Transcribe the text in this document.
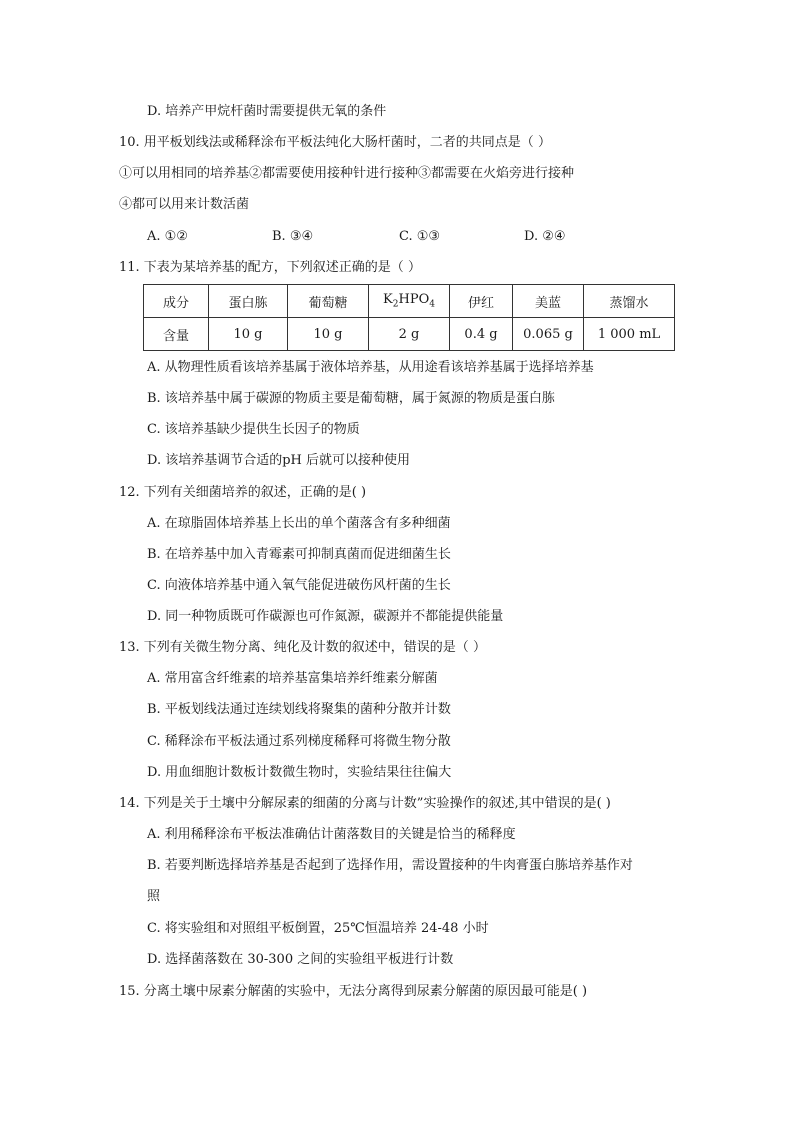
D. 培养产甲烷杆菌时需要提供无氧的条件
10. 用平板划线法或稀释涂布平板法纯化大肠杆菌时，二者的共同点是（ ）
①可以用相同的培养基②都需要使用接种针进行接种③都需要在火焰旁进行接种
④都可以用来计数活菌
A. ①②	B. ③④	C. ①③	D. ②④
11. 下表为某培养基的配方，下列叙述正确的是（ ）
成分	蛋白胨	葡萄糖	$K_2HPO_4$	伊红	美蓝	蒸馏水
含量	10 g	10 g	2 g	0.4 g	0.065 g	1 000 mL
A. 从物理性质看该培养基属于液体培养基，从用途看该培养基属于选择培养基
B. 该培养基中属于碳源的物质主要是葡萄糖，属于氮源的物质是蛋白胨
C. 该培养基缺少提供生长因子的物质
D. 该培养基调节合适的pH 后就可以接种使用
12. 下列有关细菌培养的叙述，正确的是( )
A. 在琼脂固体培养基上长出的单个菌落含有多种细菌
B. 在培养基中加入青霉素可抑制真菌而促进细菌生长
C. 向液体培养基中通入氧气能促进破伤风杆菌的生长
D. 同一种物质既可作碳源也可作氮源，碳源并不都能提供能量
13. 下列有关微生物分离、纯化及计数的叙述中，错误的是（ ）
A. 常用富含纤维素的培养基富集培养纤维素分解菌
B. 平板划线法通过连续划线将聚集的菌种分散并计数
C. 稀释涂布平板法通过系列梯度稀释可将微生物分散
D. 用血细胞计数板计数微生物时，实验结果往往偏大
14. 下列是关于土壤中分解尿素的细菌的分离与计数”实验操作的叙述,其中错误的是( )
A. 利用稀释涂布平板法准确估计菌落数目的关键是恰当的稀释度
B. 若要判断选择培养基是否起到了选择作用，需设置接种的牛肉膏蛋白胨培养基作对
照
C. 将实验组和对照组平板倒置，25℃恒温培养 24-48 小时
D. 选择菌落数在 30-300 之间的实验组平板进行计数
15. 分离土壤中尿素分解菌的实验中，无法分离得到尿素分解菌的原因最可能是( )
